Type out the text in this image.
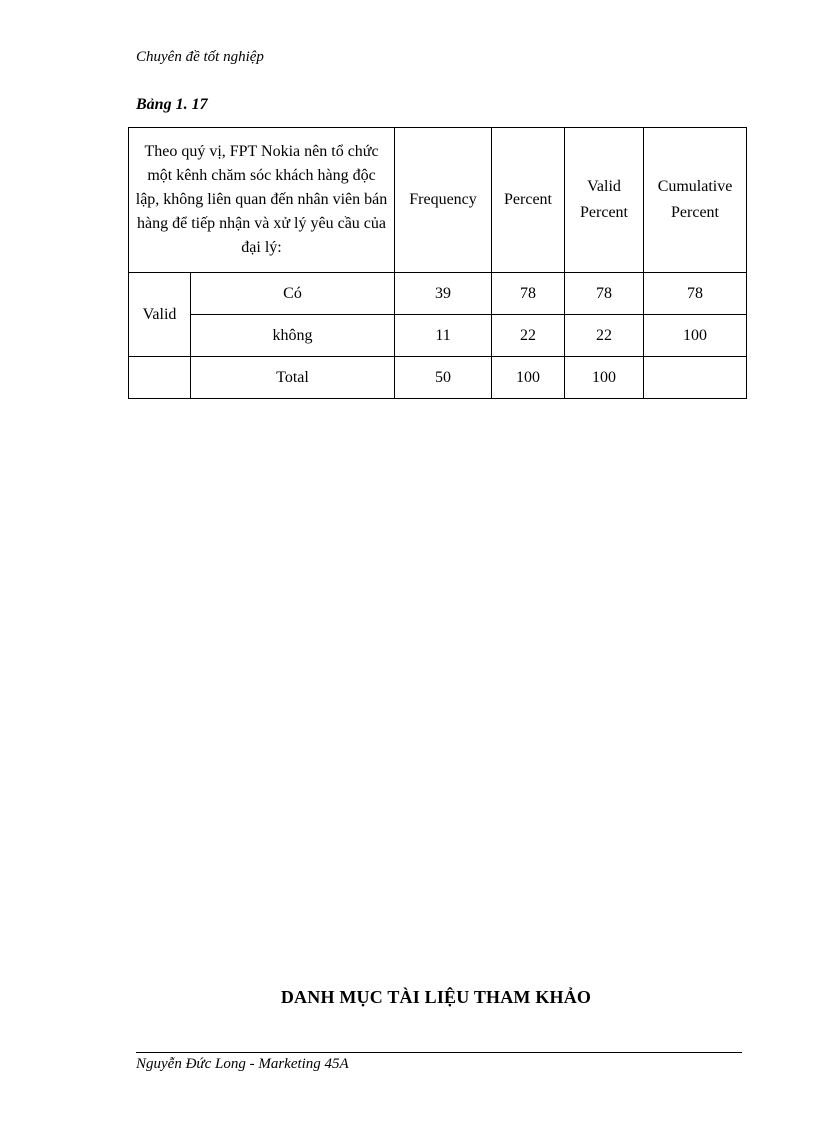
Chuyên đề tốt nghiệp
Bảng 1. 17
Theo quý vị, FPT Nokia nên tổ chức một kênh chăm sóc khách hàng độc lập, không liên quan đến nhân viên bán hàng để tiếp nhận và xử lý yêu cầu của đại lý:		Frequency	Percent	Valid Percent	Cumulative Percent
Valid	Có	39	78	78	78
	không	11	22	22	100
	Total	50	100	100	
DANH MỤC TÀI LIỆU THAM KHẢO
Nguyễn Đức Long - Marketing 45A
